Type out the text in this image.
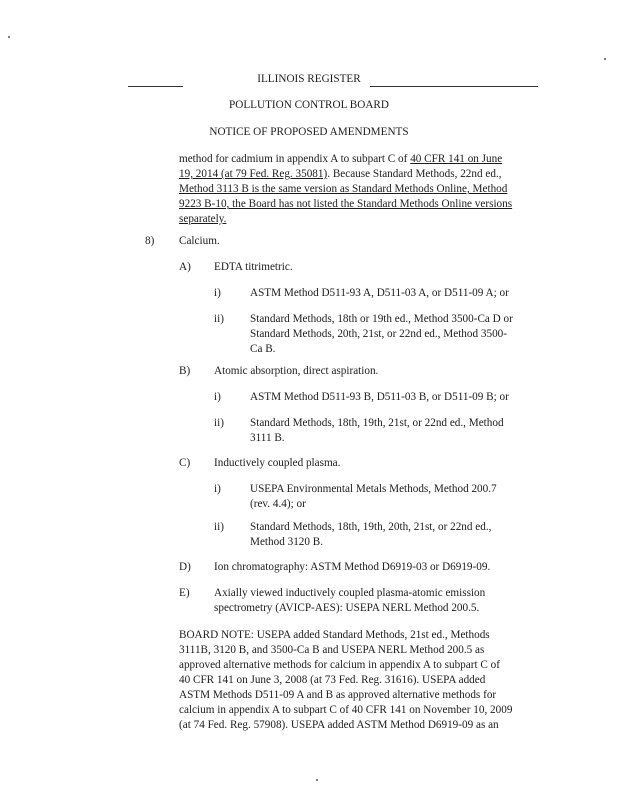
ILLINOIS REGISTER
POLLUTION CONTROL BOARD
NOTICE OF PROPOSED AMENDMENTS
method for cadmium in appendix A to subpart C of 40 CFR 141 on June
19, 2014 (at 79 Fed. Reg. 35081). Because Standard Methods, 22nd ed.,
Method 3113 B is the same version as Standard Methods Online, Method
9223 B-10, the Board has not listed the Standard Methods Online versions
separately.
8) Calcium.
A) EDTA titrimetric.
i)	ASTM Method D511-93 A, D511-03 A, or D511-09 A; or
ii) Standard Methods, 18th or 19th ed., Method 3500-Ca D or
Standard Methods, 20th, 21st, or 22nd ed., Method 3500-
Ca B.
B) Atomic absorption, direct aspiration.
i)	ASTM Method D511-93 B, D511-03 B, or D511-09 B; or
ii) Standard Methods, 18th, 19th, 21st, or 22nd ed., Method
3111 B.
C) Inductively coupled plasma.
i)	USEPA Environmental Metals Methods, Method 200.7
(rev. 4.4); or
ii) Standard Methods, 18th, 19th, 20th, 21st, or 22nd ed.,
Method 3120 B.
D) Ion chromatography: ASTM Method D6919-03 or D6919-09.
E) Axially viewed inductively coupled plasma-atomic emission
spectrometry (AVICP-AES): USEPA NERL Method 200.5.
BOARD NOTE: USEPA added Standard Methods, 21st ed., Methods
3111B, 3120 B, and 3500-Ca B and USEPA NERL Method 200.5 as
approved alternative methods for calcium in appendix A to subpart C of
40 CFR 141 on June 3, 2008 (at 73 Fed. Reg. 31616). USEPA added
ASTM Methods D511-09 A and B as approved alternative methods for
calcium in appendix A to subpart C of 40 CFR 141 on November 10, 2009
(at 74 Fed. Reg. 57908). USEPA added ASTM Method D6919-09 as an
